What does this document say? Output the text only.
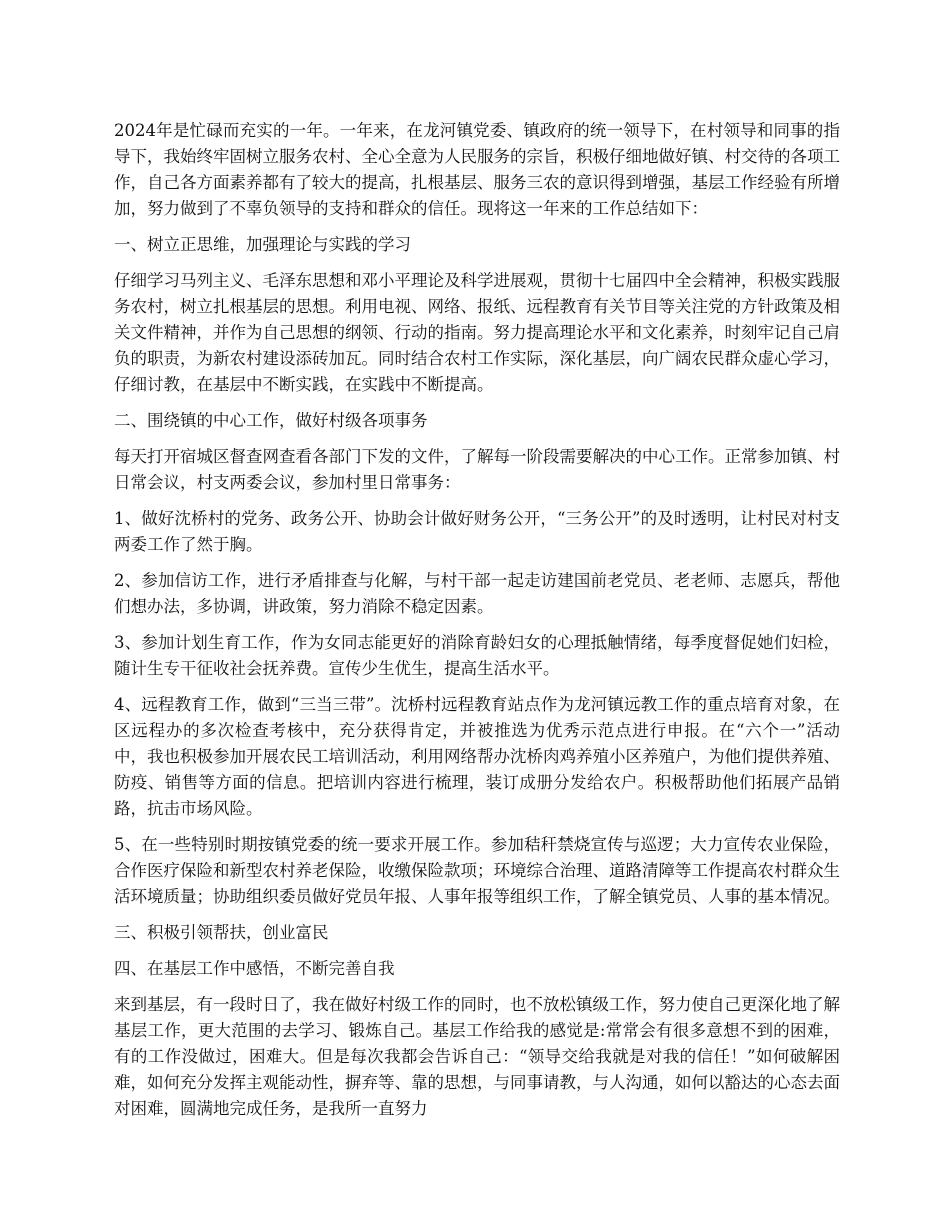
2024年是忙碌而充实的一年。一年来，在龙河镇党委、镇政府的统一领导下，在村领导和同事的指导下，我始终牢固树立服务农村、全心全意为人民服务的宗旨，积极仔细地做好镇、村交待的各项工作，自己各方面素养都有了较大的提高，扎根基层、服务三农的意识得到增强，基层工作经验有所增加，努力做到了不辜负领导的支持和群众的信任。现将这一年来的工作总结如下：

一、树立正思维，加强理论与实践的学习

仔细学习马列主义、毛泽东思想和邓小平理论及科学进展观，贯彻十七届四中全会精神，积极实践服务农村，树立扎根基层的思想。利用电视、网络、报纸、远程教育有关节目等关注党的方针政策及相关文件精神，并作为自己思想的纲领、行动的指南。努力提高理论水平和文化素养，时刻牢记自己肩负的职责，为新农村建设添砖加瓦。同时结合农村工作实际，深化基层，向广阔农民群众虚心学习，仔细讨教，在基层中不断实践，在实践中不断提高。

二、围绕镇的中心工作，做好村级各项事务

每天打开宿城区督查网查看各部门下发的文件，了解每一阶段需要解决的中心工作。正常参加镇、村日常会议，村支两委会议，参加村里日常事务：

1、做好沈桥村的党务、政务公开、协助会计做好财务公开，“三务公开”的及时透明，让村民对村支两委工作了然于胸。

2、参加信访工作，进行矛盾排查与化解，与村干部一起走访建国前老党员、老老师、志愿兵，帮他们想办法，多协调，讲政策，努力消除不稳定因素。

3、参加计划生育工作，作为女同志能更好的消除育龄妇女的心理抵触情绪，每季度督促她们妇检，随计生专干征收社会抚养费。宣传少生优生，提高生活水平。

4、远程教育工作，做到“三当三带”。沈桥村远程教育站点作为龙河镇远教工作的重点培育对象，在区远程办的多次检查考核中，充分获得肯定，并被推选为优秀示范点进行申报。在“六个一”活动中，我也积极参加开展农民工培训活动，利用网络帮办沈桥肉鸡养殖小区养殖户，为他们提供养殖、防疫、销售等方面的信息。把培训内容进行梳理，装订成册分发给农户。积极帮助他们拓展产品销路，抗击市场风险。

5、在一些特别时期按镇党委的统一要求开展工作。参加秸秆禁烧宣传与巡逻；大力宣传农业保险，合作医疗保险和新型农村养老保险，收缴保险款项；环境综合治理、道路清障等工作提高农村群众生活环境质量；协助组织委员做好党员年报、人事年报等组织工作，了解全镇党员、人事的基本情况。

三、积极引领帮扶，创业富民

四、在基层工作中感悟，不断完善自我

来到基层，有一段时日了，我在做好村级工作的同时，也不放松镇级工作，努力使自己更深化地了解基层工作，更大范围的去学习、锻炼自己。基层工作给我的感觉是:常常会有很多意想不到的困难，有的工作没做过，困难大。但是每次我都会告诉自己：“领导交给我就是对我的信任！”如何破解困难，如何充分发挥主观能动性，摒弃等、靠的思想，与同事请教，与人沟通，如何以豁达的心态去面对困难，圆满地完成任务，是我所一直努力
